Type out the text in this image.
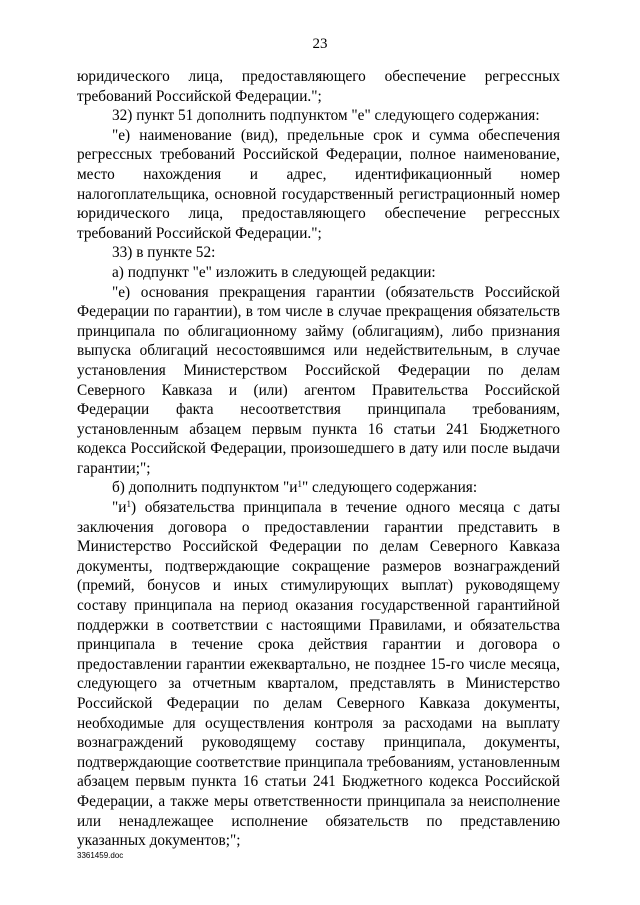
23

юридического лица, предоставляющего обеспечение регрессных требований Российской Федерации.";

32) пункт 51 дополнить подпунктом "е" следующего содержания:

"е) наименование (вид), предельные срок и сумма обеспечения регрессных требований Российской Федерации, полное наименование, место нахождения и адрес, идентификационный номер налогоплательщика, основной государственный регистрационный номер юридического лица, предоставляющего обеспечение регрессных требований Российской Федерации.";

33) в пункте 52:

а) подпункт "е" изложить в следующей редакции:

"е) основания прекращения гарантии (обязательств Российской Федерации по гарантии), в том числе в случае прекращения обязательств принципала по облигационному займу (облигациям), либо признания выпуска облигаций несостоявшимся или недействительным, в случае установления Министерством Российской Федерации по делам Северного Кавказа и (или) агентом Правительства Российской Федерации факта несоответствия принципала требованиям, установленным абзацем первым пункта 16 статьи 241 Бюджетного кодекса Российской Федерации, произошедшего в дату или после выдачи гарантии;";

б) дополнить подпунктом "$и^1$" следующего содержания:

"$и^1$) обязательства принципала в течение одного месяца с даты заключения договора о предоставлении гарантии представить в Министерство Российской Федерации по делам Северного Кавказа документы, подтверждающие сокращение размеров вознаграждений (премий, бонусов и иных стимулирующих выплат) руководящему составу принципала на период оказания государственной гарантийной поддержки в соответствии с настоящими Правилами, и обязательства принципала в течение срока действия гарантии и договора о предоставлении гарантии ежеквартально, не позднее 15-го числе месяца, следующего за отчетным кварталом, представлять в Министерство Российской Федерации по делам Северного Кавказа документы, необходимые для осуществления контроля за расходами на выплату вознаграждений руководящему составу принципала, документы, подтверждающие соответствие принципала требованиям, установленным абзацем первым пункта 16 статьи 241 Бюджетного кодекса Российской Федерации, а также меры ответственности принципала за неисполнение или ненадлежащее исполнение обязательств по представлению указанных документов;";

3361459.doc
